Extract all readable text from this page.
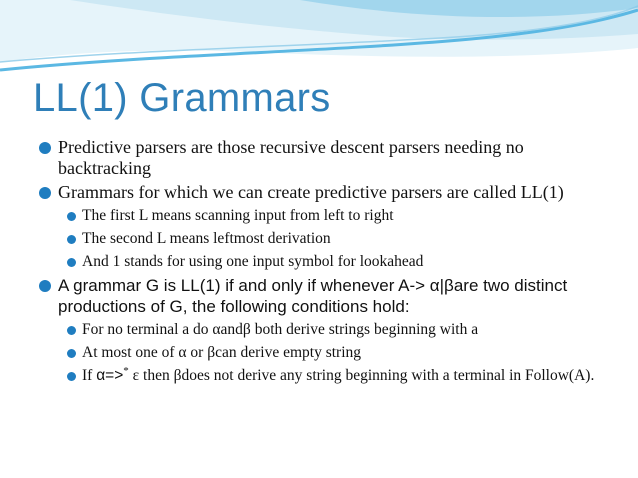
LL(1) Grammars
Predictive parsers are those recursive descent parsers needing no backtracking
Grammars for which we can create predictive parsers are called LL(1)
The first L means scanning input from left to right
The second L means leftmost derivation
And 1 stands for using one input symbol for lookahead
A grammar G is LL(1) if and only if whenever A-> α|βare two distinct productions of G, the following conditions hold:
For no terminal a do αandβ both derive strings beginning with a
At most one of α or βcan derive empty string
If α=>* ε then βdoes not derive any string beginning with a terminal in Follow(A).
